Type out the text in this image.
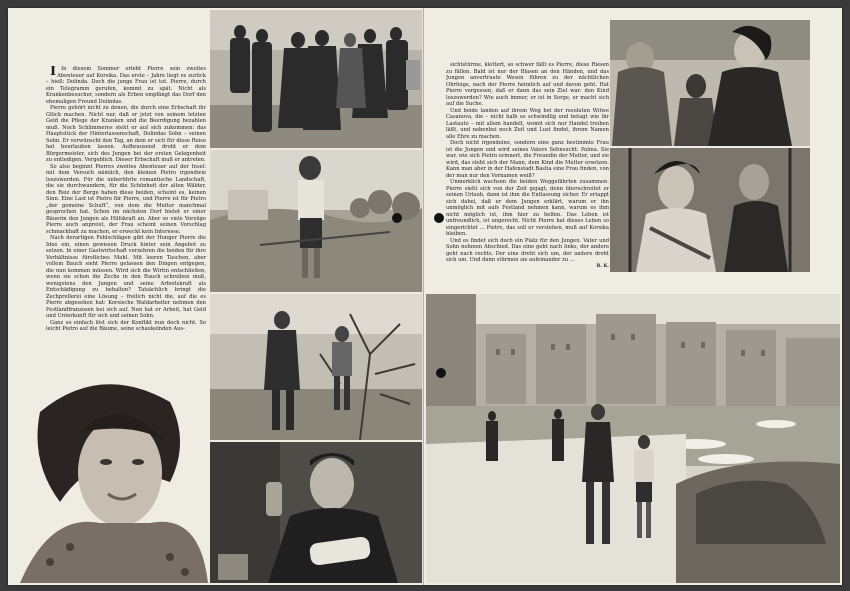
I In diesem Sommer erlebt Pierre sein zweites Abenteuer auf Korsika. Das erste – Jahre liegt es zurück – hieß: Dolinda. Doch die junge Frau ist tot. Pierre, durch ein Telegramm gerufen, kommt zu spät. Nicht als Krankenbesucher, sondern als Erben empfängt das Dorf den ehemaligen Freund Dolindas.

Pierre gehört nicht zu denen, die durch eine Erbschaft ihr Glück machen. Nicht nur, daß er jetzt von seinem letzten Geld die Pflege der Kranken und die Beerdigung bezahlen muß. Noch Schlimmeres steht er auf sich zukommen: das Hauptstück der Hinterlassenschaft, Dolindas Sohn – seinen Sohn. Er verwünscht den Tag, an dem er sich für diese Reise hat beurlauben lassen. Aufbrausend droht er dem Bürgermeister, sich des Jungen bei der ersten Gelegenheit zu entledigen. Vergeblich. Dieser Erbschaft muß er antreten.

So also beginnt Pierres zweites Abenteuer auf der Insel: mit dem Versuch nämlich, den kleinen Pietro irgendwie loszuwerden. Für die unberührte romantische Landschaft, die sie durchwandern, für die Schönheit der alten Wälder, den Reiz der Berge haben diese beiden, scheint es, keinen Sinn. Eine Last ist Pietro für Pierre, und Pierre ist für Pietro „der gemeine Schuft“, von dem die Mutter manchmal gesprochen hat. Schon im nächsten Dorf bietet er einer Bäuerin den Jungen als Hilfskraft an. Aber so viele Vorzüge Pierre auch anpreist, der Frau scheint seinen Vorschlag schmackhaft zu machen, er erweckt kein Interesse.

Nach derartigen Fehlschlägen gibt der Hunger Pierre die Idee ein, einen gewissen Druck hinter sein Angebot zu setzen. In einer Gastwirtschaft verzehren die beiden für ihre Verhältnisse fürstliches Mahl. Mit leeren Taschen, aber vollem Bauch sieht Pierre gelassen den Dingen entgegen, die nun kommen müssen. Wird sich die Wirtin entschließen, wenn sie schon die Zeche in den Rauch schreiben muß, wenigstens den Jungen und seine Arbeitskraft als Entschädigung zu behalten? Tatsächlich bringt die Zechprellerei eine Lösung – freilich nicht die, auf die es Pierre abgesehen hat: Korsische Waldarbeiter nehmen den Festlandfranzosen bei sich auf. Nun hat er Arbeit, hat Geld und Unterkunft für sich und seinen Sohn.

Ganz so einfach löst sich der Konflikt nun doch nicht. So leicht Pietro auf die Bäume, seine schaukelnden Aus-

sichtstürme, klettert, so schwer fällt es Pierre, diese Riesen zu fällen. Bald ist nur der Blasen an den Händen, und das Jungen anvertraute Wesen führen zu der nächtlichen Ohrfeige, nach der Pierre heimlich auf und davon geht. Hat Pierre vergessen, daß er dann das sein Ziel war: den Kind loszuwerden? Wie auch immer, er ist in Sorge, er macht sich auf die Suche.

Und beide landen auf ihrem Weg bei der resoluten Witwe Casanova, die – nicht halb so schwindlig und betagt wie ihr Lastauto – mit allem handelt, womit sich nur Handel treiben läßt, und nebenbei noch Zeit und Lust findet, ihrem Namen alle Ehre zu machen.

Doch nicht irgendeine, sondern eine ganz bestimmte Frau ist die Jungen und wird seines Vaters Sehnsucht: Palma. Sie war, wie sich Pietro erinnert, die Freundin der Mutter, und sie wird, das steht sich der Mann, dem Kind die Mutter ersetzen. Kann man aber in der Hafenstadt Bastia eine Frau finden, von der man nur den Vornamen weiß?

Unmerklich wachsen die beiden Weggefährten zusammen. Pierre sieht sich von der Zeit gejagt, denn überschreitet er seinen Urlaub, dann ist ihm die Entlassung sicher. Er ertappt sich dabei, daß er dem Jungen erklärt, warum er ihn unmöglich mit aufs Festland nehmen kann, warum es ihm nicht möglich ist, ihm hier zu helfen. Das Leben ist unfreundlich, ist ungerecht. Nicht Pierre hat dieses Leben so eingerichtet ... Pietro, das soll er verstehen, muß auf Korsika bleiben.

Und es findet sich doch ein Platz für den Jungen. Vater und Sohn nehmen Abschied. Das eine geht nach links, der andere geht nach rechts. Der eine dreht sich um, der andere dreht sich um. Und dann stürmen sie aufeinander zu ...

R. K.
